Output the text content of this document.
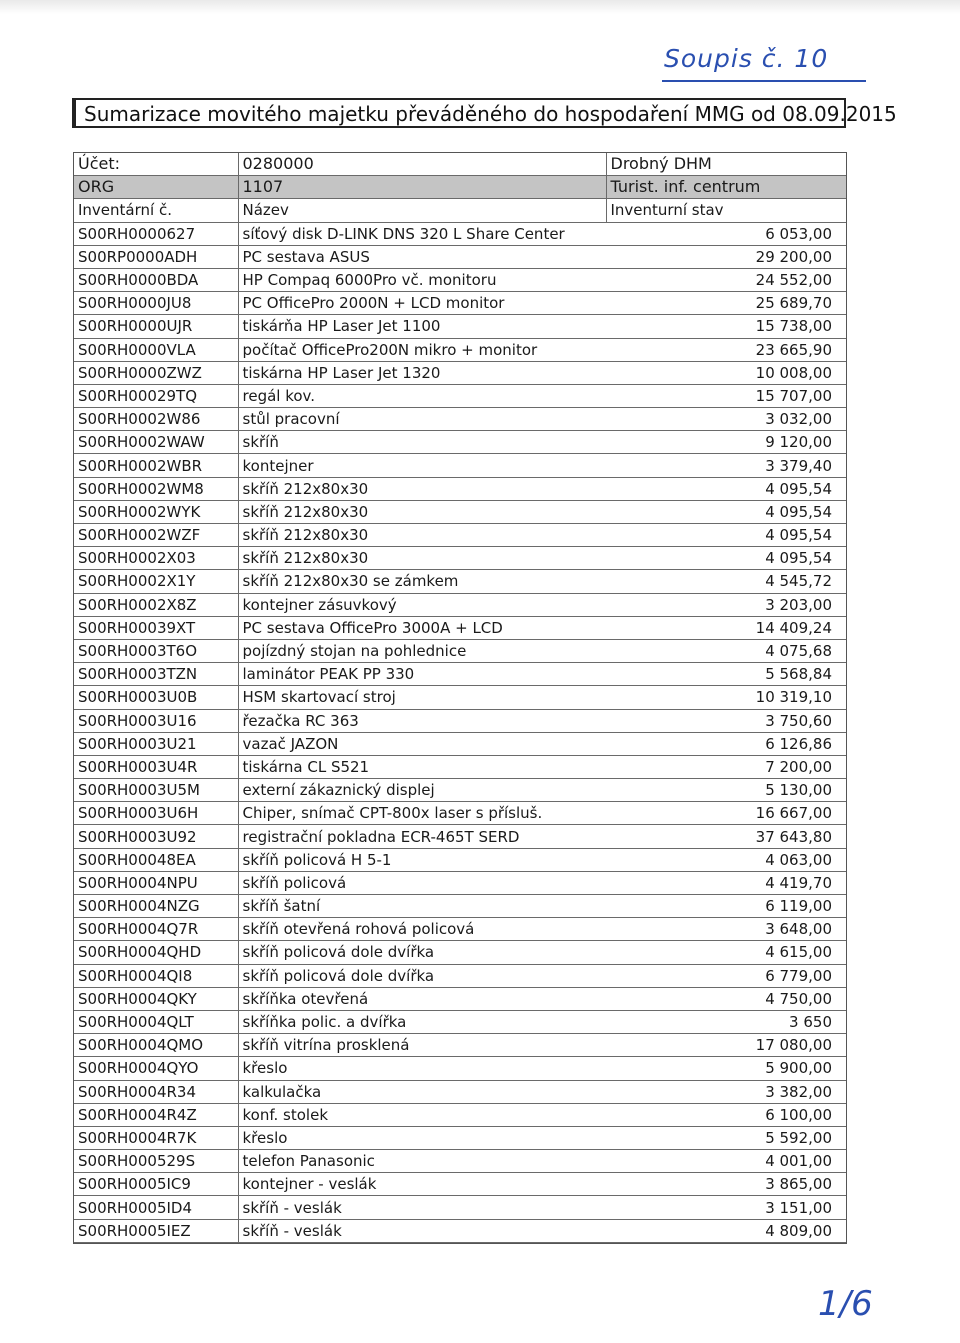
Soupis č. 10
Sumarizace movitého majetku převáděného do hospodaření MMG od 08.09.2015
Účet:	0280000	Drobný DHM
ORG	1107	Turist. inf. centrum
Inventární č.	Název	Inventurní stav
S00RH0000627	síťový disk D-LINK DNS 320 L Share Center	6 053,00
S00RP0000ADH	PC sestava ASUS	29 200,00
S00RH0000BDA	HP Compaq 6000Pro vč. monitoru	24 552,00
S00RH0000JU8	PC OfficePro 2000N + LCD monitor	25 689,70
S00RH0000UJR	tiskárňa HP Laser Jet 1100	15 738,00
S00RH0000VLA	počítač OfficePro200N mikro + monitor	23 665,90
S00RH0000ZWZ	tiskárna HP Laser Jet 1320	10 008,00
S00RH00029TQ	regál kov.	15 707,00
S00RH0002W86	stůl pracovní	3 032,00
S00RH0002WAW	skříň	9 120,00
S00RH0002WBR	kontejner	3 379,40
S00RH0002WM8	skříň 212x80x30	4 095,54
S00RH0002WYK	skříň 212x80x30	4 095,54
S00RH0002WZF	skříň 212x80x30	4 095,54
S00RH0002X03	skříň 212x80x30	4 095,54
S00RH0002X1Y	skříň 212x80x30 se zámkem	4 545,72
S00RH0002X8Z	kontejner zásuvkový	3 203,00
S00RH00039XT	PC sestava OfficePro 3000A + LCD	14 409,24
S00RH0003T6O	pojízdný stojan na pohlednice	4 075,68
S00RH0003TZN	laminátor PEAK PP 330	5 568,84
S00RH0003U0B	HSM skartovací stroj	10 319,10
S00RH0003U16	řezačka RC 363	3 750,60
S00RH0003U21	vazač JAZON	6 126,86
S00RH0003U4R	tiskárna CL S521	7 200,00
S00RH0003U5M	externí zákaznický displej	5 130,00
S00RH0003U6H	Chiper, snímač CPT-800x laser s přísluš.	16 667,00
S00RH0003U92	registrační pokladna ECR-465T SERD	37 643,80
S00RH00048EA	skříň policová H 5-1	4 063,00
S00RH0004NPU	skříň policová	4 419,70
S00RH0004NZG	skříň šatní	6 119,00
S00RH0004Q7R	skříň otevřená rohová policová	3 648,00
S00RH0004QHD	skříň policová dole dvířka	4 615,00
S00RH0004QI8	skříň policová dole dvířka	6 779,00
S00RH0004QKY	skříňka otevřená	4 750,00
S00RH0004QLT	skříňka polic. a dvířka	3 650
S00RH0004QMO	skříň vitrína prosklená	17 080,00
S00RH0004QYO	křeslo	5 900,00
S00RH0004R34	kalkulačka	3 382,00
S00RH0004R4Z	konf. stolek	6 100,00
S00RH0004R7K	křeslo	5 592,00
S00RH000529S	telefon Panasonic	4 001,00
S00RH0005IC9	kontejner - veslák	3 865,00
S00RH0005ID4	skříň - veslák	3 151,00
S00RH0005IEZ	skříň - veslák	4 809,00
1/6
